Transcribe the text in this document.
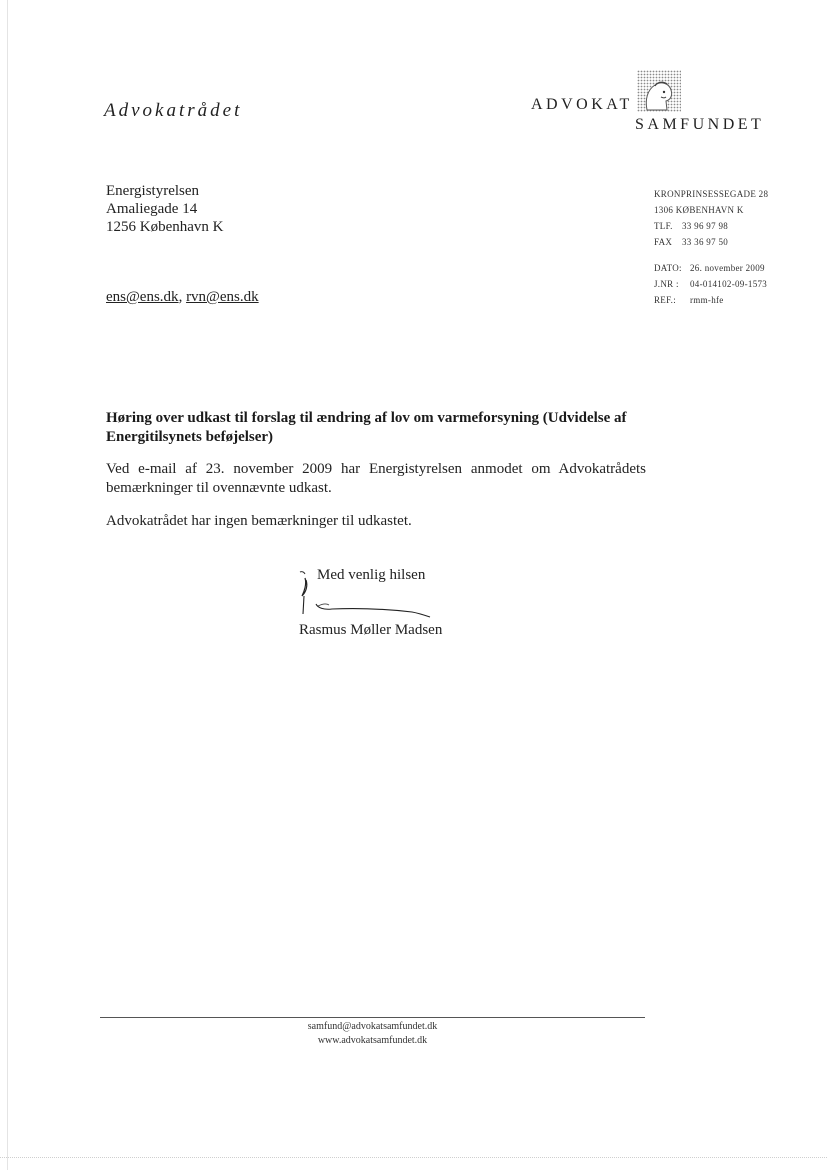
Advokatrådet	ADVOKAT
SAMFUNDET
Energistyrelsen
Amaliegade 14
1256 København K
ens@ens.dk, rvn@ens.dk
KRONPRINSESSEGADE 28
1306 KØBENHAVN K
TLF. 33 96 97 98
FAX 33 36 97 50
DATO: 26. november 2009
J.NR : 04-014102-09-1573
REF.: rmm-hfe
Høring over udkast til forslag til ændring af lov om varmeforsyning (Udvidelse af Energitilsynets beføjelser)
Ved e-mail af 23. november 2009 har Energistyrelsen anmodet om Advokatrådets bemærkninger til ovennævnte udkast.
Advokatrådet har ingen bemærkninger til udkastet.
Med venlig hilsen
Rasmus Møller Madsen
samfund@advokatsamfundet.dk
www.advokatsamfundet.dk
